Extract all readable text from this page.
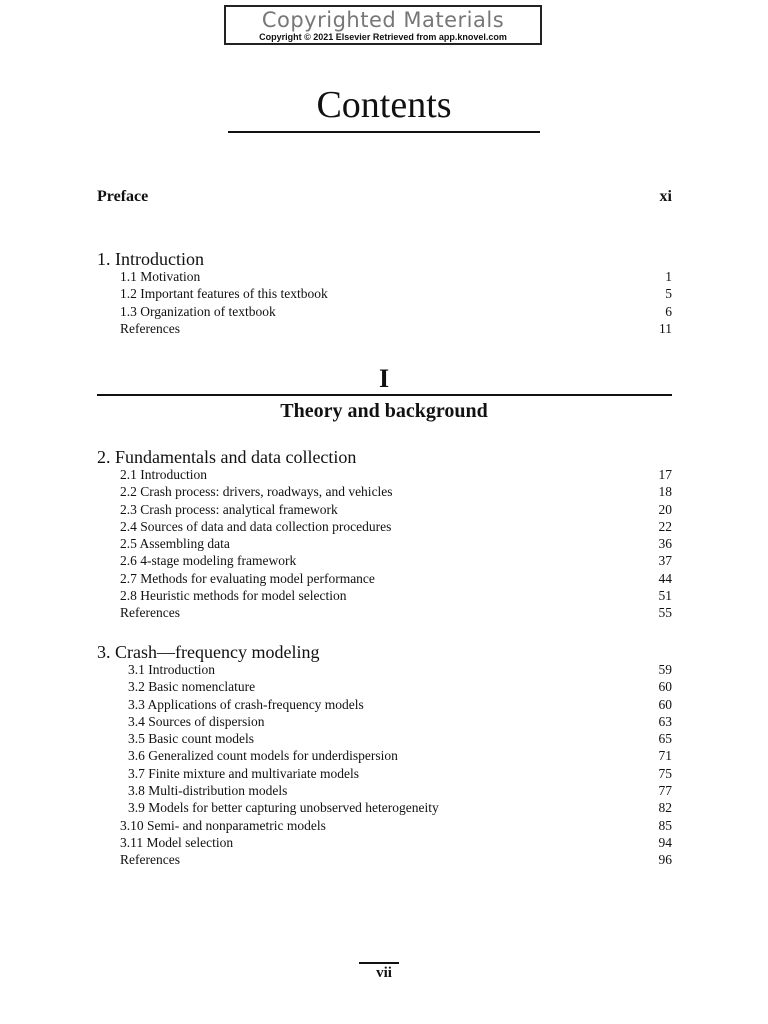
Copyrighted Materials
Copyright © 2021 Elsevier Retrieved from app.knovel.com
Contents
Preface	xi
1. Introduction
1.1 Motivation	1
1.2 Important features of this textbook	5
1.3 Organization of textbook	6
References	11
I
Theory and background
2. Fundamentals and data collection
2.1 Introduction	17
2.2 Crash process: drivers, roadways, and vehicles	18
2.3 Crash process: analytical framework	20
2.4 Sources of data and data collection procedures	22
2.5 Assembling data	36
2.6 4-stage modeling framework	37
2.7 Methods for evaluating model performance	44
2.8 Heuristic methods for model selection	51
References	55
3. Crash—frequency modeling
3.1 Introduction	59
3.2 Basic nomenclature	60
3.3 Applications of crash-frequency models	60
3.4 Sources of dispersion	63
3.5 Basic count models	65
3.6 Generalized count models for underdispersion	71
3.7 Finite mixture and multivariate models	75
3.8 Multi-distribution models	77
3.9 Models for better capturing unobserved heterogeneity	82
3.10 Semi- and nonparametric models	85
3.11 Model selection	94
References	96
vii
